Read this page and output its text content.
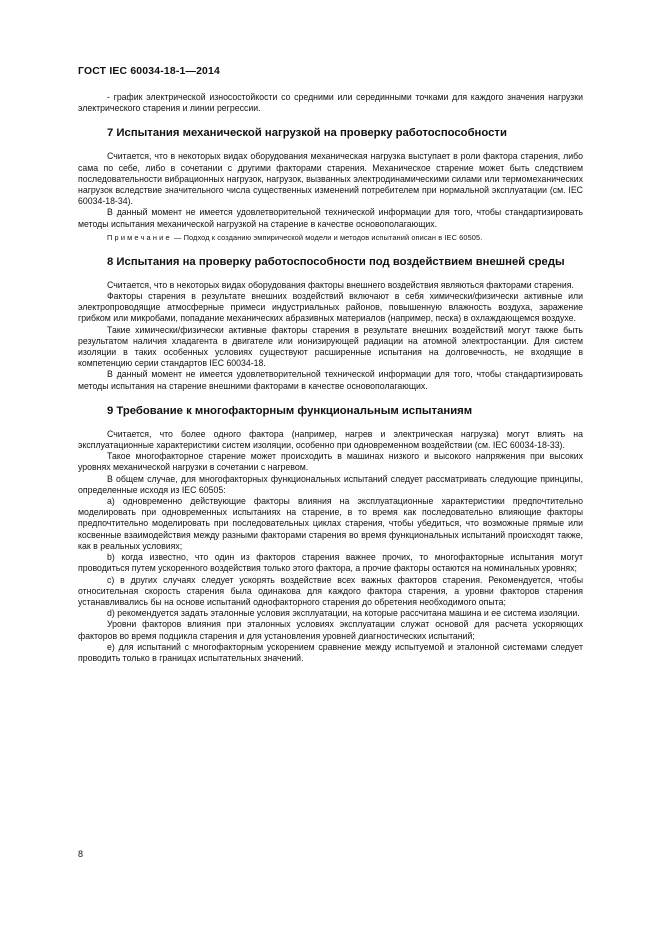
ГОСТ IEC 60034-18-1—2014

- график электрической износостойкости со средними или серединными точками для каждого значения нагрузки электрического старения и линии регрессии.

7 Испытания механической нагрузкой на проверку работоспособности

Считается, что в некоторых видах оборудования механическая нагрузка выступает в роли фактора старения, либо сама по себе, либо в сочетании с другими факторами старения. Механическое старение может быть следствием последовательности вибрационных нагрузок, нагрузок, вызванных электродинамическими силами или термомеханических нагрузок вследствие значительного числа существенных изменений потребителем при нормальной эксплуатации (см. IEC 60034-18-34).

В данный момент не имеется удовлетворительной технической информации для того, чтобы стандартизировать методы испытания механической нагрузкой на старение в качестве основополагающих.

Примечание — Подход к созданию эмпирической модели и методов испытаний описан в IEC 60505.

8 Испытания на проверку работоспособности под воздействием внешней среды

Считается, что в некоторых видах оборудования факторы внешнего воздействия являються факторами старения.

Факторы старения в результате внешних воздействий включают в себя химически/физически активные или электропроводящие атмосферные примеси индустриальных районов, повышенную влажность воздуха, заражение грибком или микробами, попадание механических абразивных материалов (например, песка) в охлаждающемся воздухе.

Такие химически/физически активные факторы старения в результате внешних воздействий могут также быть результатом наличия хладагента в двигателе или ионизирующей радиации на атомной электростанции. Для систем изоляции в таких особенных условиях существуют расширенные испытания на долговечность, не входящие в компетенцию серии стандартов IEC 60034-18.

В данный момент не имеется удовлетворительной технической информации для того, чтобы стандартизировать методы испытания на старение внешними факторами в качестве основополагающих.

9 Требование к многофакторным функциональным испытаниям

Считается, что более одного фактора (например, нагрев и электрическая нагрузка) могут влиять на эксплуатационные характеристики систем изоляции, особенно при одновременном воздействии (см. IEC 60034-18-33).

Такое многофакторное старение может происходить в машинах низкого и высокого напряжения при высоких уровнях механической нагрузки в сочетании с нагревом.

В общем случае, для многофакторных функциональных испытаний следует рассматривать следующие принципы, определенные исходя из IEC 60505:

a) одновременно действующие факторы влияния на эксплуатационные характеристики предпочтительно моделировать при одновременных испытаниях на старение, в то время как последовательно влияющие факторы предпочтительно моделировать при последовательных циклах старения, чтобы убедиться, что возможные прямые или косвенные взаимодействия между разными факторами старения во время функциональных испытаний происходят также, как в реальных условиях;

b) когда известно, что один из факторов старения важнее прочих, то многофакторные испытания могут проводиться путем ускоренного воздействия только этого фактора, а прочие факторы остаются на номинальных уровнях;

c) в других случаях следует ускорять воздействие всех важных факторов старения. Рекомендуется, чтобы относительная скорость старения была одинакова для каждого фактора старения, а уровни факторов старения устанавливались бы на основе испытаний однофакторного старения до обретения необходимого опыта;

d) рекомендуется задать эталонные условия эксплуатации, на которые рассчитана машина и ее система изоляции.

Уровни факторов влияния при эталонных условиях эксплуатации служат основой для расчета ускоряющих факторов во время подцикла старения и для установления уровней диагностических испытаний;

e) для испытаний с многофакторным ускорением сравнение между испытуемой и эталонной системами следует проводить только в границах испытательных значений.

8
